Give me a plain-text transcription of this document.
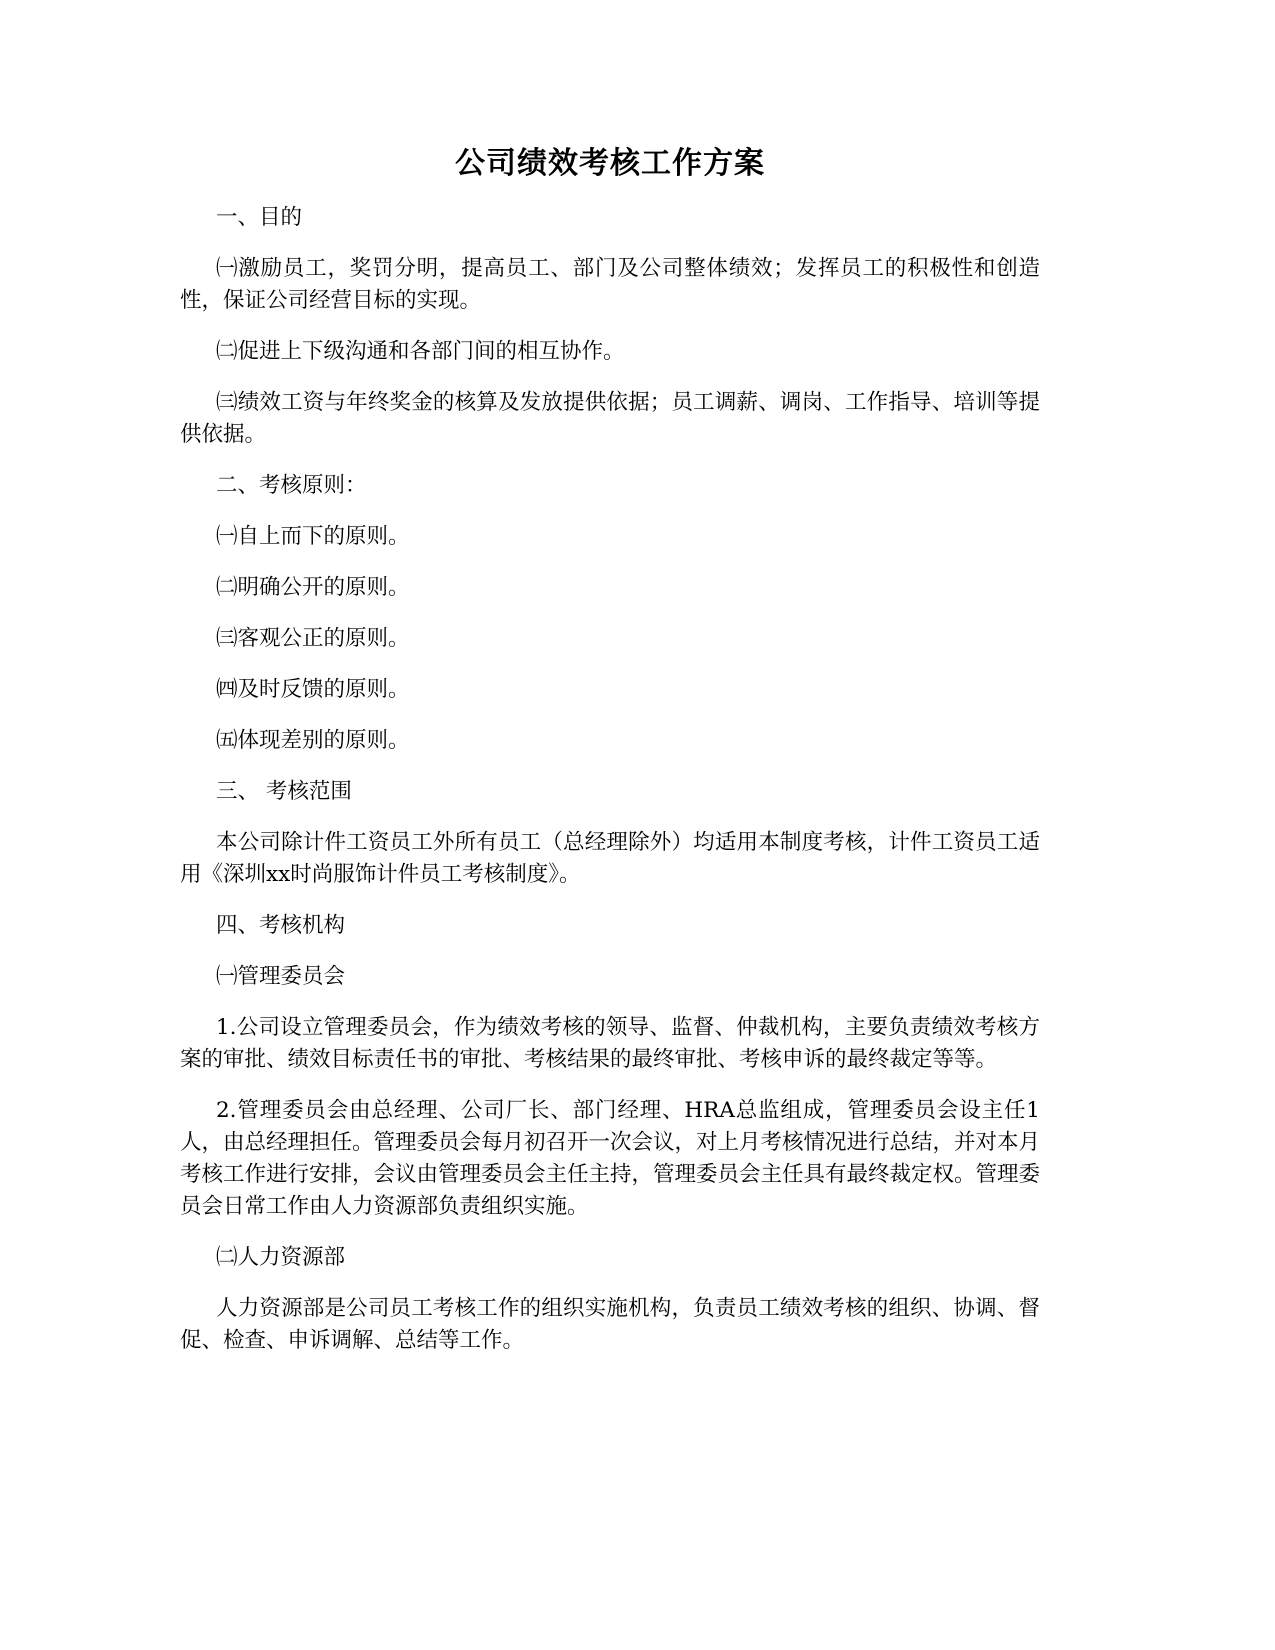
公司绩效考核工作方案

一、目的

㈠激励员工，奖罚分明，提高员工、部门及公司整体绩效；发挥员工的积极性和创造性，保证公司经营目标的实现。

㈡促进上下级沟通和各部门间的相互协作。

㈢绩效工资与年终奖金的核算及发放提供依据；员工调薪、调岗、工作指导、培训等提供依据。

二、考核原则：

㈠自上而下的原则。

㈡明确公开的原则。

㈢客观公正的原则。

㈣及时反馈的原则。

㈤体现差别的原则。

三、 考核范围

本公司除计件工资员工外所有员工（总经理除外）均适用本制度考核，计件工资员工适用《深圳xx时尚服饰计件员工考核制度》。

四、考核机构

㈠管理委员会

1.公司设立管理委员会，作为绩效考核的领导、监督、仲裁机构，主要负责绩效考核方案的审批、绩效目标责任书的审批、考核结果的最终审批、考核申诉的最终裁定等等。

2.管理委员会由总经理、公司厂长、部门经理、HRA总监组成，管理委员会设主任1人，由总经理担任。管理委员会每月初召开一次会议，对上月考核情况进行总结，并对本月考核工作进行安排，会议由管理委员会主任主持，管理委员会主任具有最终裁定权。管理委员会日常工作由人力资源部负责组织实施。

㈡人力资源部

人力资源部是公司员工考核工作的组织实施机构，负责员工绩效考核的组织、协调、督促、检查、申诉调解、总结等工作。
